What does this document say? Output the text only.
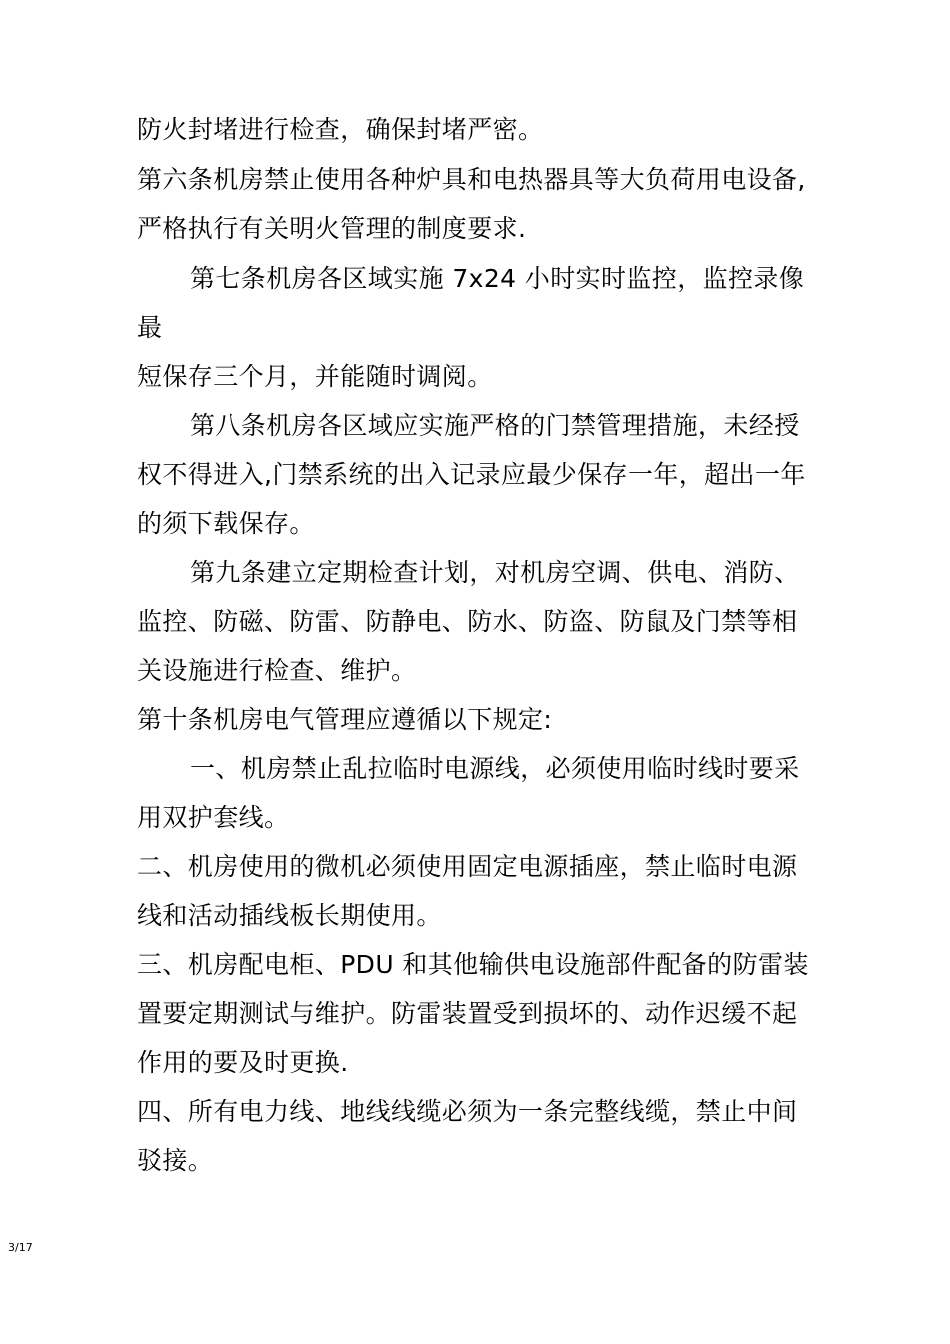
防火封堵进行检查，确保封堵严密。
第六条机房禁止使用各种炉具和电热器具等大负荷用电设备,
严格执行有关明火管理的制度要求.
第七条机房各区域实施 7x24 小时实时监控，监控录像
最
短保存三个月，并能随时调阅。
第八条机房各区域应实施严格的门禁管理措施，未经授
权不得进入,门禁系统的出入记录应最少保存一年，超出一年
的须下载保存。
第九条建立定期检查计划，对机房空调、供电、消防、
监控、防磁、防雷、防静电、防水、防盗、防鼠及门禁等相
关设施进行检查、维护。
第十条机房电气管理应遵循以下规定:
一、机房禁止乱拉临时电源线，必须使用临时线时要采
用双护套线。
二、机房使用的微机必须使用固定电源插座，禁止临时电源
线和活动插线板长期使用。
三、机房配电柜、PDU 和其他输供电设施部件配备的防雷装
置要定期测试与维护。防雷装置受到损坏的、动作迟缓不起
作用的要及时更换.
四、所有电力线、地线线缆必须为一条完整线缆，禁止中间
驳接。
3/17
